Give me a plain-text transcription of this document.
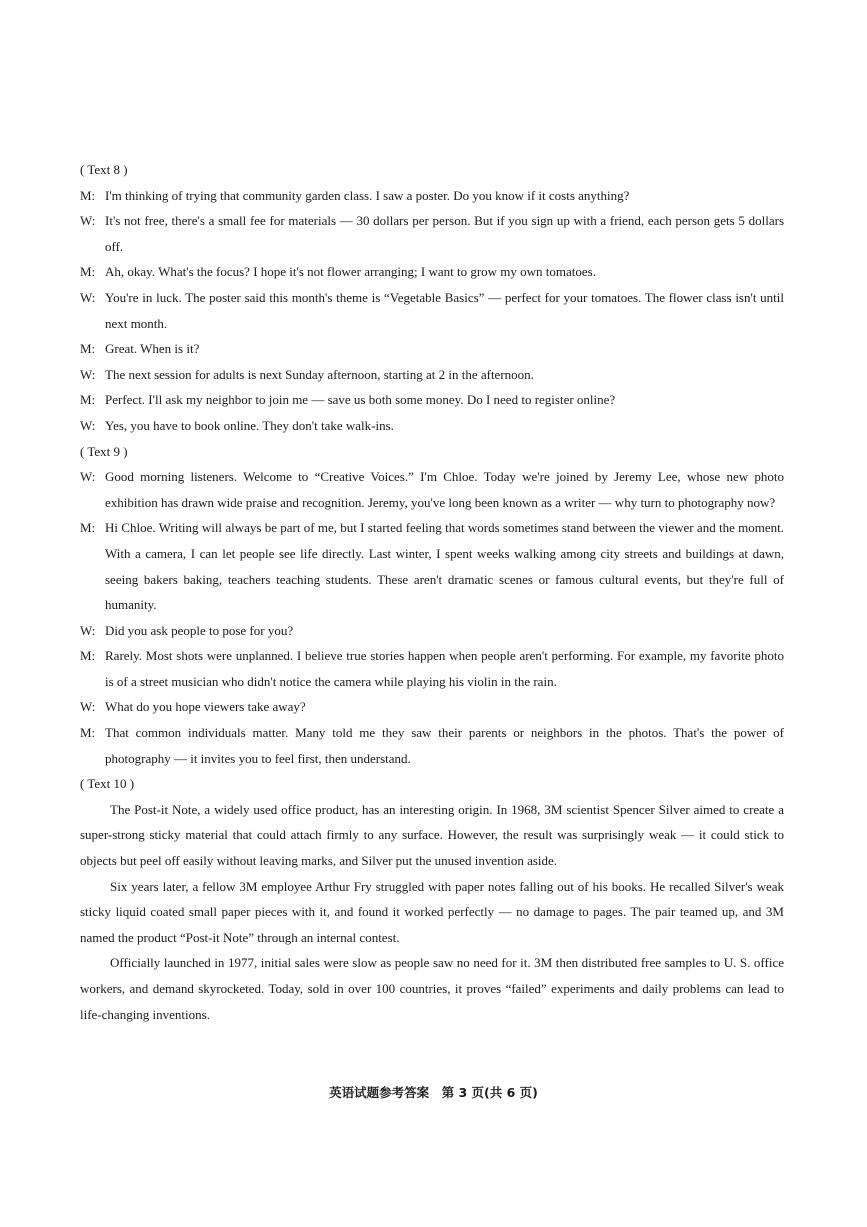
( Text 8 )
M: I'm thinking of trying that community garden class. I saw a poster. Do you know if it costs anything?
W: It's not free, there's a small fee for materials — 30 dollars per person. But if you sign up with a friend, each person gets 5 dollars off.
M: Ah, okay. What's the focus? I hope it's not flower arranging; I want to grow my own tomatoes.
W: You're in luck. The poster said this month's theme is “Vegetable Basics” — perfect for your tomatoes. The flower class isn't until next month.
M: Great. When is it?
W: The next session for adults is next Sunday afternoon, starting at 2 in the afternoon.
M: Perfect. I'll ask my neighbor to join me — save us both some money. Do I need to register online?
W: Yes, you have to book online. They don't take walk-ins.
( Text 9 )
W: Good morning listeners. Welcome to “Creative Voices.” I'm Chloe. Today we're joined by Jeremy Lee, whose new photo exhibition has drawn wide praise and recognition. Jeremy, you've long been known as a writer — why turn to photography now?
M: Hi Chloe. Writing will always be part of me, but I started feeling that words sometimes stand between the viewer and the moment. With a camera, I can let people see life directly. Last winter, I spent weeks walking among city streets and buildings at dawn, seeing bakers baking, teachers teaching students. These aren't dramatic scenes or famous cultural events, but they're full of humanity.
W: Did you ask people to pose for you?
M: Rarely. Most shots were unplanned. I believe true stories happen when people aren't performing. For example, my favorite photo is of a street musician who didn't notice the camera while playing his violin in the rain.
W: What do you hope viewers take away?
M: That common individuals matter. Many told me they saw their parents or neighbors in the photos. That's the power of photography — it invites you to feel first, then understand.
( Text 10 )

The Post-it Note, a widely used office product, has an interesting origin. In 1968, 3M scientist Spencer Silver aimed to create a super-strong sticky material that could attach firmly to any surface. However, the result was surprisingly weak — it could stick to objects but peel off easily without leaving marks, and Silver put the unused invention aside.

Six years later, a fellow 3M employee Arthur Fry struggled with paper notes falling out of his books. He recalled Silver's weak sticky liquid coated small paper pieces with it, and found it worked perfectly — no damage to pages. The pair teamed up, and 3M named the product “Post-it Note” through an internal contest.

Officially launched in 1977, initial sales were slow as people saw no need for it. 3M then distributed free samples to U. S. office workers, and demand skyrocketed. Today, sold in over 100 countries, it proves “failed” experiments and daily problems can lead to life-changing inventions.

英语试题参考答案　第 3 页(共 6 页)
